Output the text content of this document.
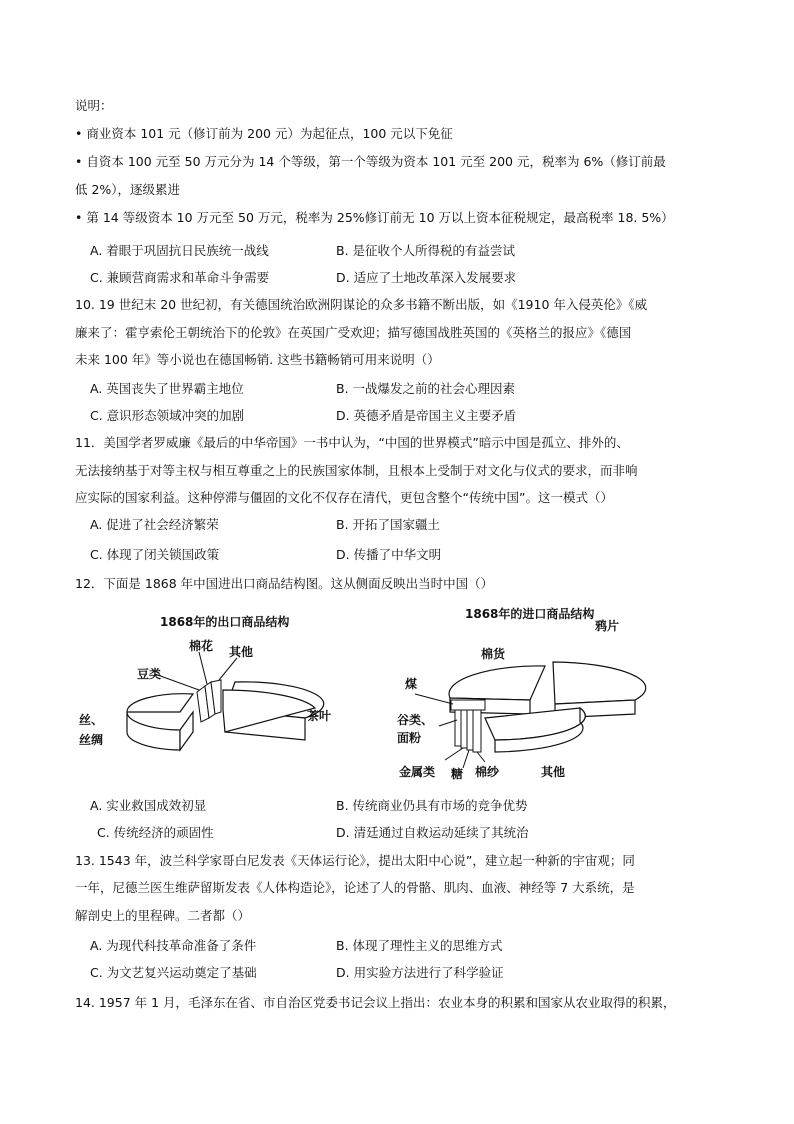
说明：
• 商业资本 101 元（修订前为 200 元）为起征点，100 元以下免征
• 自资本 100 元至 50 万元分为 14 个等级，第一个等级为资本 101 元至 200 元，税率为 6%（修订前最
低 2%），逐级累进
• 第 14 等级资本 10 万元至 50 万元，税率为 25%修订前无 10 万以上资本征税规定，最高税率 18. 5%）
A. 着眼于巩固抗日民族统一战线	B. 是征收个人所得税的有益尝试
C. 兼顾营商需求和革命斗争需要	D. 适应了土地改革深入发展要求
10. 19 世纪末 20 世纪初，有关德国统治欧洲阴谋论的众多书籍不断出版，如《1910 年入侵英伦》《威
廉来了：霍亨索伦王朝统治下的伦敦》在英国广受欢迎；描写德国战胜英国的《英格兰的报应》《德国
未来 100 年》等小说也在德国畅销. 这些书籍畅销可用来说明（）
A. 英国丧失了世界霸主地位	B. 一战爆发之前的社会心理因素
C. 意识形态领域冲突的加剧	D. 英德矛盾是帝国主义主要矛盾
11．美国学者罗威廉《最后的中华帝国》一书中认为，“中国的世界模式”暗示中国是孤立、排外的、
无法接纳基于对等主权与相互尊重之上的民族国家体制，且根本上受制于对文化与仪式的要求，而非响
应实际的国家利益。这种停滞与僵固的文化不仅存在清代，更包含整个“传统中国”。这一模式（）
A. 促进了社会经济繁荣	B. 开拓了国家疆土
C. 体现了闭关锁国政策	D. 传播了中华文明
12．下面是 1868 年中国进出口商品结构图。这从侧面反映出当时中国（）
1868年的出口商品结构
丝、
丝绸
豆类
棉花 其他
茶叶
1868年的进口商品结构
棉货
鸦片
煤
谷类、
面粉
金属类 糖 棉纱	其他
A. 实业救国成效初显	B. 传统商业仍具有市场的竞争优势
C. 传统经济的顽固性	D. 清廷通过自救运动延续了其统治
13. 1543 年，波兰科学家哥白尼发表《天体运行论》，提出太阳中心说”，建立起一种新的宇宙观；同
一年，尼德兰医生维萨留斯发表《人体构造论》，论述了人的骨骼、肌肉、血液、神经等 7 大系统，是
解剖史上的里程碑。二者都（）
A. 为现代科技革命准备了条件	B. 体现了理性主义的思维方式
C. 为文艺复兴运动奠定了基础	D. 用实验方法进行了科学验证
14. 1957 年 1 月，毛泽东在省、市自治区党委书记会议上指出：农业本身的积累和国家从农业取得的积累，
